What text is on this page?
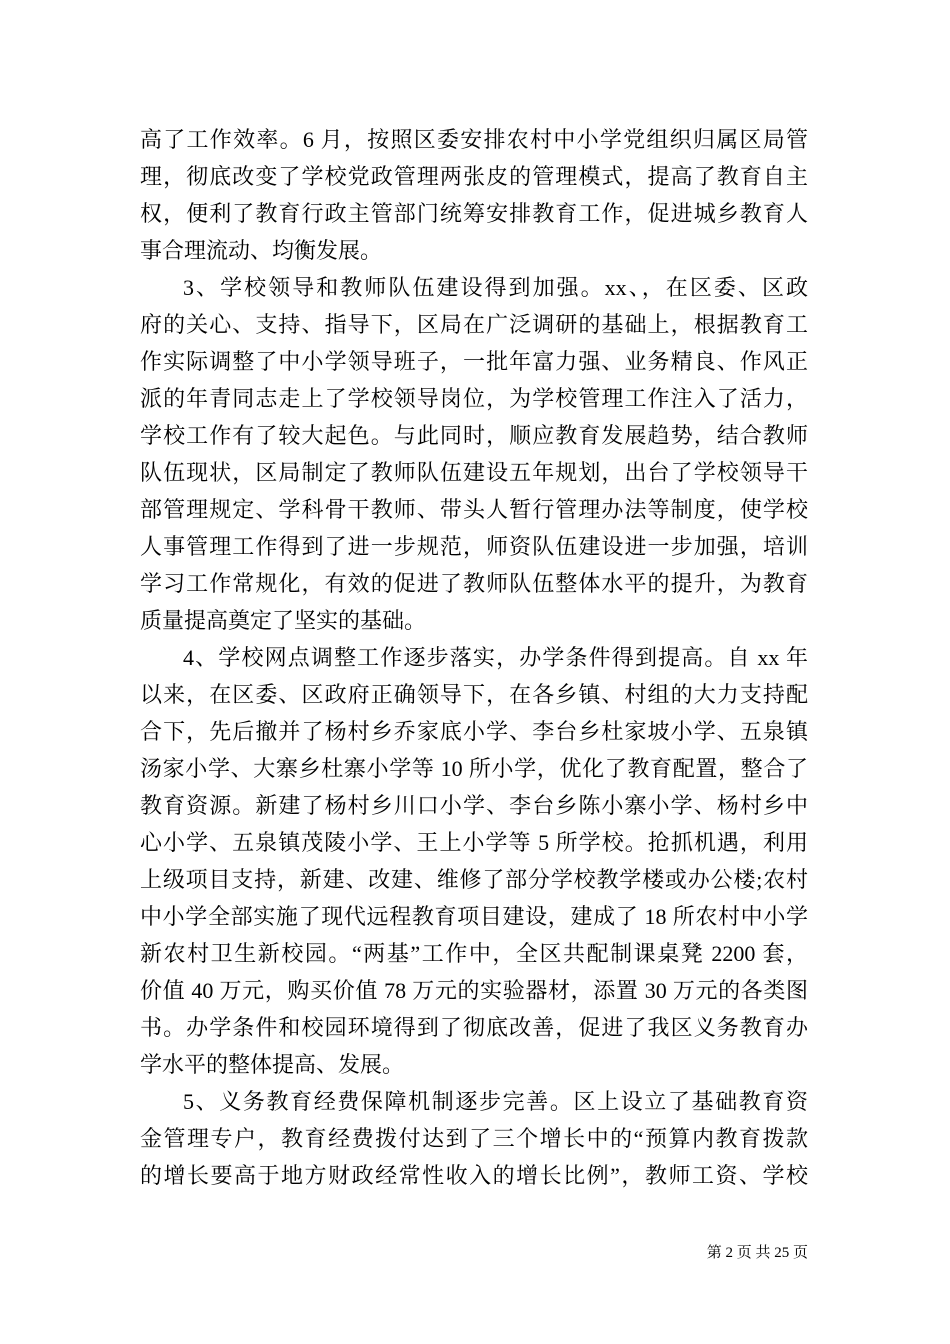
高了工作效率。6 月，按照区委安排农村中小学党组织归属区局管
理，彻底改变了学校党政管理两张皮的管理模式，提高了教育自主
权，便利了教育行政主管部门统筹安排教育工作，促进城乡教育人
事合理流动、均衡发展。
3、学校领导和教师队伍建设得到加强。xx、，在区委、区政
府的关心、支持、指导下，区局在广泛调研的基础上，根据教育工
作实际调整了中小学领导班子，一批年富力强、业务精良、作风正
派的年青同志走上了学校领导岗位，为学校管理工作注入了活力，
学校工作有了较大起色。与此同时，顺应教育发展趋势，结合教师
队伍现状，区局制定了教师队伍建设五年规划，出台了学校领导干
部管理规定、学科骨干教师、带头人暂行管理办法等制度，使学校
人事管理工作得到了进一步规范，师资队伍建设进一步加强，培训
学习工作常规化，有效的促进了教师队伍整体水平的提升，为教育
质量提高奠定了坚实的基础。
4、学校网点调整工作逐步落实，办学条件得到提高。自 xx 年
以来，在区委、区政府正确领导下，在各乡镇、村组的大力支持配
合下，先后撤并了杨村乡乔家底小学、李台乡杜家坡小学、五泉镇
汤家小学、大寨乡杜寨小学等 10 所小学，优化了教育配置，整合了
教育资源。新建了杨村乡川口小学、李台乡陈小寨小学、杨村乡中
心小学、五泉镇茂陵小学、王上小学等 5 所学校。抢抓机遇，利用
上级项目支持，新建、改建、维修了部分学校教学楼或办公楼;农村
中小学全部实施了现代远程教育项目建设，建成了 18 所农村中小学
新农村卫生新校园。“两基”工作中，全区共配制课桌凳 2200 套，
价值 40 万元，购买价值 78 万元的实验器材，添置 30 万元的各类图
书。办学条件和校园环境得到了彻底改善，促进了我区义务教育办
学水平的整体提高、发展。
5、义务教育经费保障机制逐步完善。区上设立了基础教育资
金管理专户，教育经费拨付达到了三个增长中的“预算内教育拨款
的增长要高于地方财政经常性收入的增长比例”，教师工资、学校
第 2 页 共 25 页
